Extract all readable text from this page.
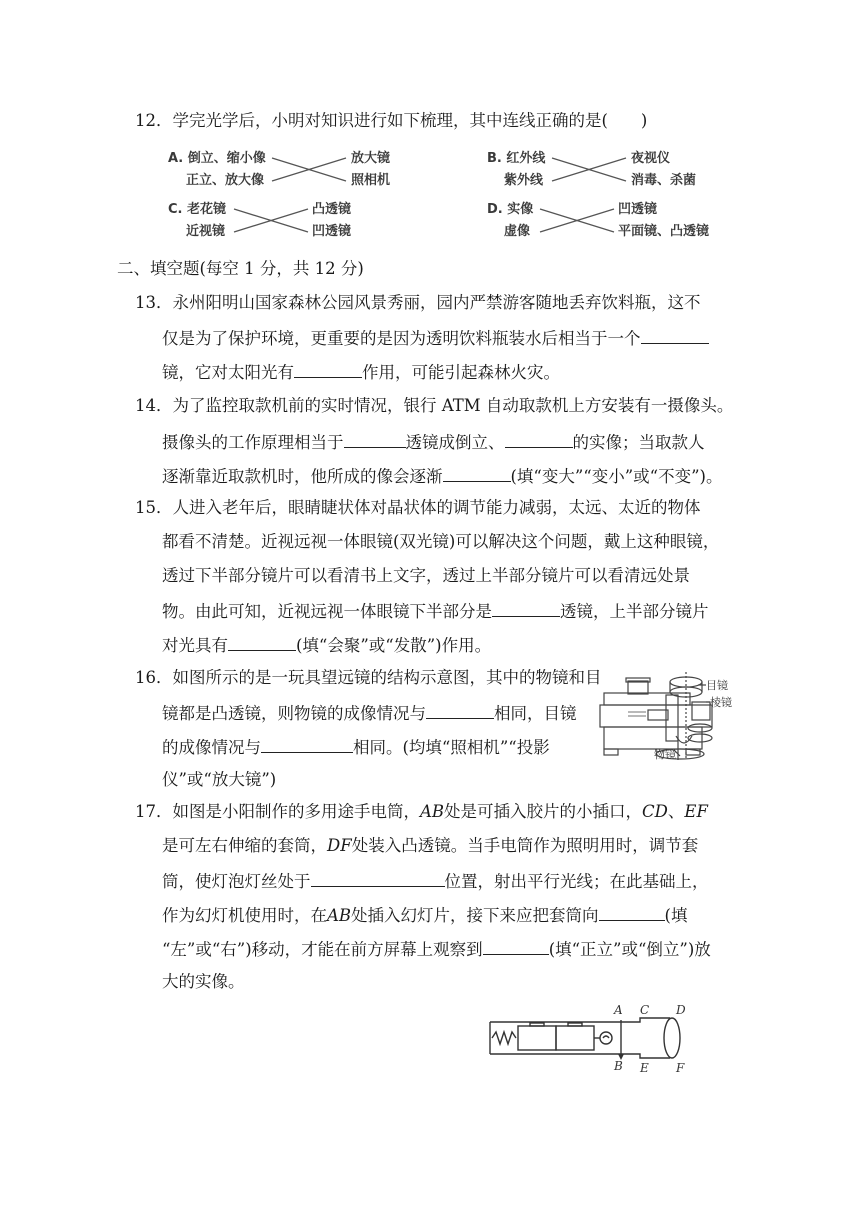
12．学完光学后，小明对知识进行如下梳理，其中连线正确的是(　　)
A. 倒立、缩小像
正立、放大像
放大镜
照相机
B. 红外线
紫外线
夜视仪
消毒、杀菌
C. 老花镜
近视镜
凸透镜
凹透镜
D. 实像
虚像
凹透镜
平面镜、凸透镜
二、填空题(每空 1 分，共 12 分)
13．永州阳明山国家森林公园风景秀丽，园内严禁游客随地丢弃饮料瓶，这不
仅是为了保护环境，更重要的是因为透明饮料瓶装水后相当于一个
镜，它对太阳光有	作用，可能引起森林火灾。
14．为了监控取款机前的实时情况，银行 ATM 自动取款机上方安装有一摄像头。
摄像头的工作原理相当于	透镜成倒立、	的实像；当取款人
逐渐靠近取款机时，他所成的像会逐渐	(填“变大”“变小”或“不变”)。
15．人进入老年后，眼睛睫状体对晶状体的调节能力减弱，太远、太近的物体
都看不清楚。近视远视一体眼镜(双光镜)可以解决这个问题，戴上这种眼镜，
透过下半部分镜片可以看清书上文字，透过上半部分镜片可以看清远处景
物。由此可知，近视远视一体眼镜下半部分是	透镜，上半部分镜片
对光具有	(填“会聚”或“发散”)作用。
16．如图所示的是一玩具望远镜的结构示意图，其中的物镜和目
镜都是凸透镜，则物镜的成像情况与	相同，目镜
的成像情况与	相同。(均填“照相机”“投影
仪”或“放大镜”)
目镜
棱镜
物镜
17．如图是小阳制作的多用途手电筒，AB处是可插入胶片的小插口，CD、EF
是可左右伸缩的套筒，DF处装入凸透镜。当手电筒作为照明用时，调节套
筒，使灯泡灯丝处于	位置，射出平行光线；在此基础上，
作为幻灯机使用时，在AB处插入幻灯片，接下来应把套筒向	(填
“左”或“右”)移动，才能在前方屏幕上观察到	(填“正立”或“倒立”)放
大的实像。
A C D
B E F
